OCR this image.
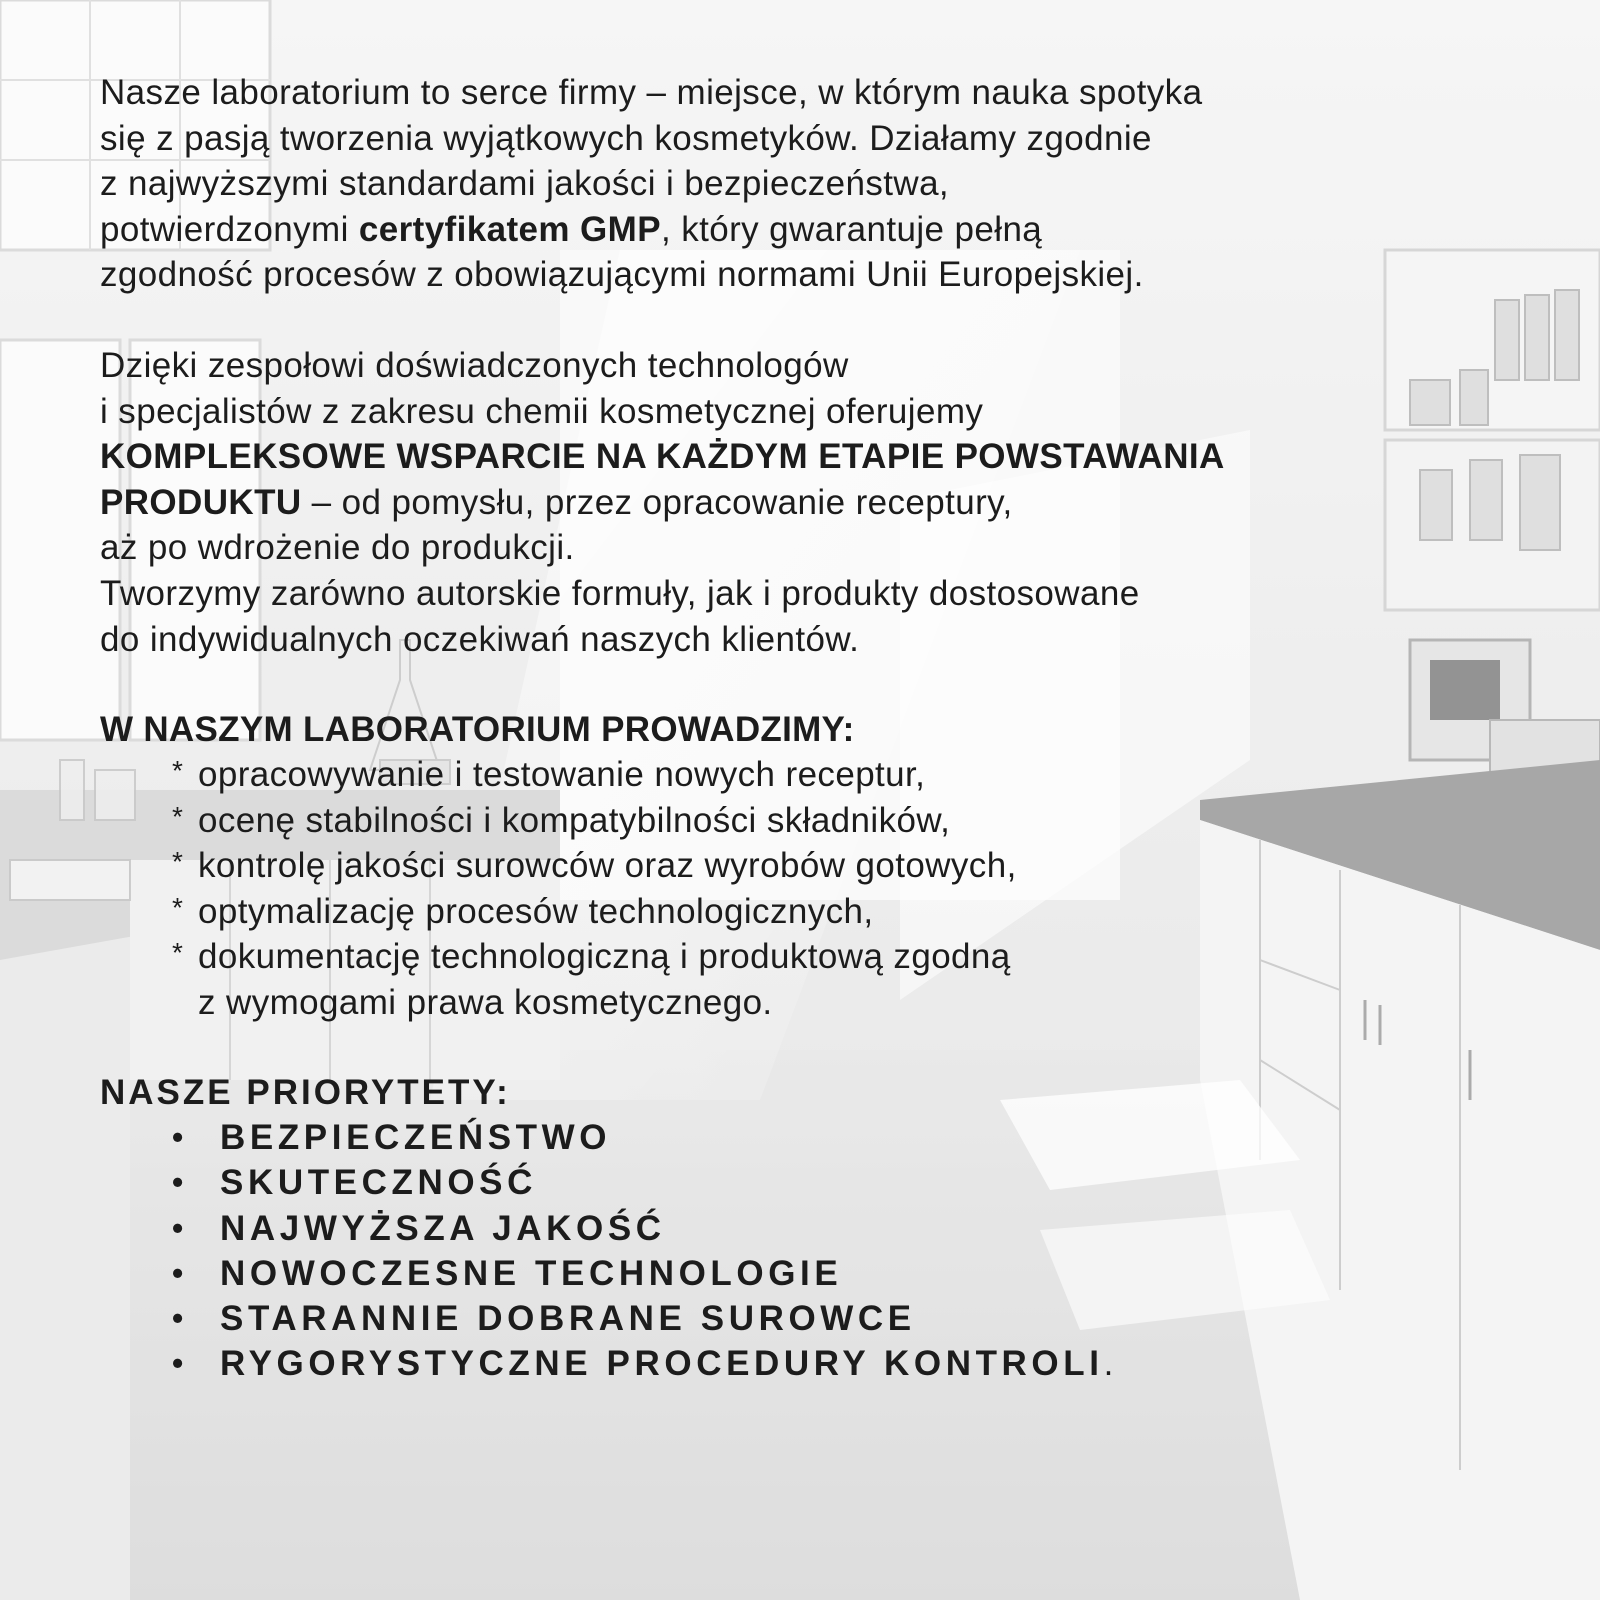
Nasze laboratorium to serce firmy – miejsce, w którym nauka spotyka
się z pasją tworzenia wyjątkowych kosmetyków. Działamy zgodnie
z najwyższymi standardami jakości i bezpieczeństwa,
potwierdzonymi certyfikatem GMP, który gwarantuje pełną
zgodność procesów z obowiązującymi normami Unii Europejskiej.

Dzięki zespołowi doświadczonych technologów
i specjalistów z zakresu chemii kosmetycznej oferujemy
KOMPLEKSOWE WSPARCIE NA KAŻDYM ETAPIE POWSTAWANIA
PRODUKTU – od pomysłu, przez opracowanie receptury,
aż po wdrożenie do produkcji.
Tworzymy zarówno autorskie formuły, jak i produkty dostosowane
do indywidualnych oczekiwań naszych klientów.

W NASZYM LABORATORIUM PROWADZIMY:

* opracowywanie i testowanie nowych receptur,
* ocenę stabilności i kompatybilności składników,
* kontrolę jakości surowców oraz wyrobów gotowych,
* optymalizację procesów technologicznych,
* dokumentację technologiczną i produktową zgodną
z wymogami prawa kosmetycznego.

NASZE PRIORYTETY:

• BEZPIECZEŃSTWO
• SKUTECZNOŚĆ
• NAJWYŻSZA JAKOŚĆ
• NOWOCZESNE TECHNOLOGIE
• STARANNIE DOBRANE SUROWCE
• RYGORYSTYCZNE PROCEDURY KONTROLI.
